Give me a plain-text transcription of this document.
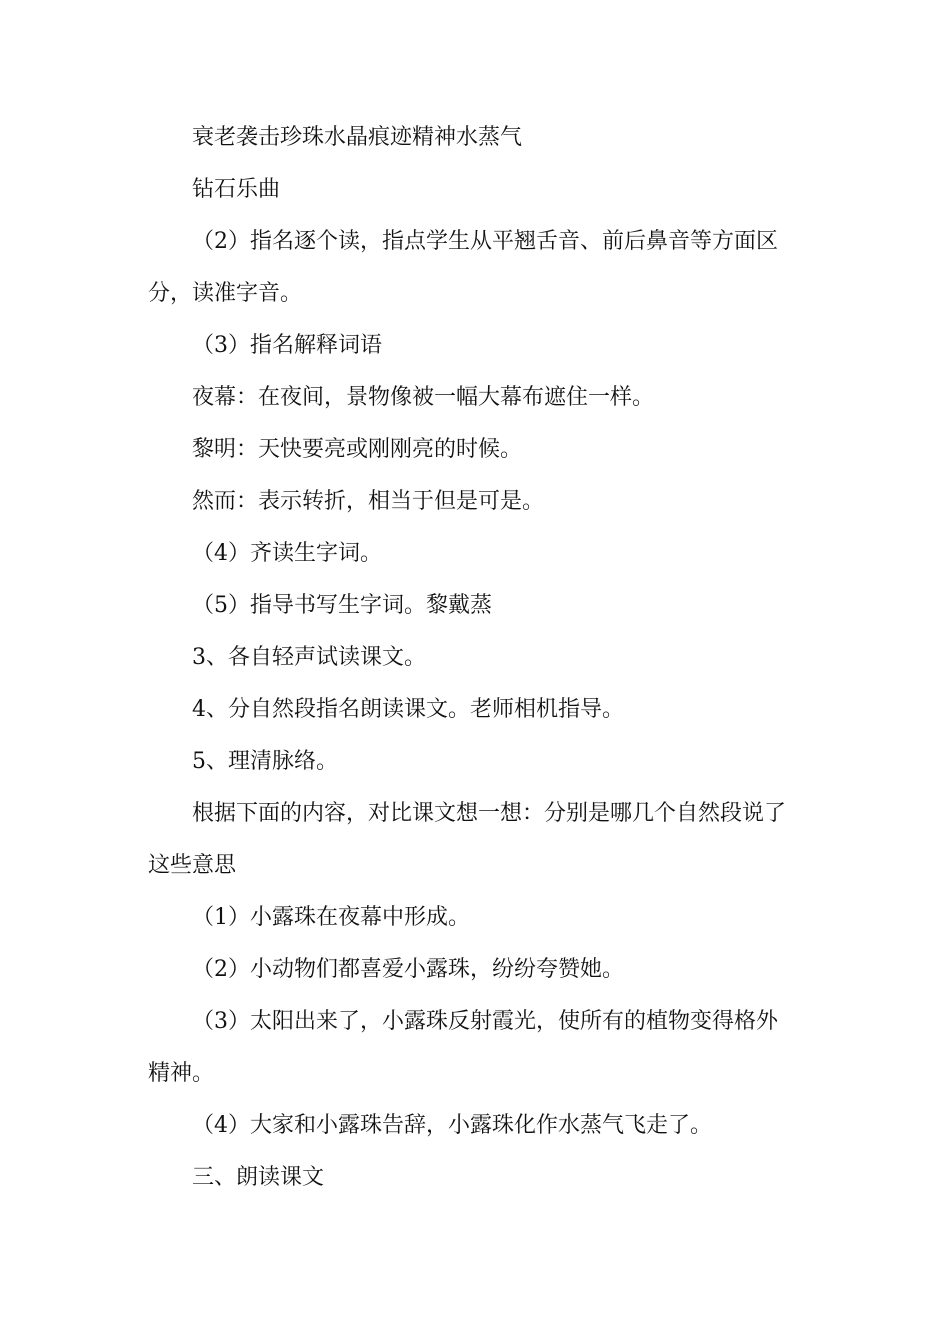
衰老袭击珍珠水晶痕迹精神水蒸气

钻石乐曲

（2）指名逐个读，指点学生从平翘舌音、前后鼻音等方面区分，读准字音。

（3）指名解释词语

夜幕：在夜间，景物像被一幅大幕布遮住一样。

黎明：天快要亮或刚刚亮的时候。

然而：表示转折，相当于但是可是。

（4）齐读生字词。

（5）指导书写生字词。黎戴蒸

3、各自轻声试读课文。

4、分自然段指名朗读课文。老师相机指导。

5、理清脉络。

根据下面的内容，对比课文想一想：分别是哪几个自然段说了这些意思

（1）小露珠在夜幕中形成。

（2）小动物们都喜爱小露珠，纷纷夸赞她。

（3）太阳出来了，小露珠反射霞光，使所有的植物变得格外精神。

（4）大家和小露珠告辞，小露珠化作水蒸气飞走了。

三、朗读课文
